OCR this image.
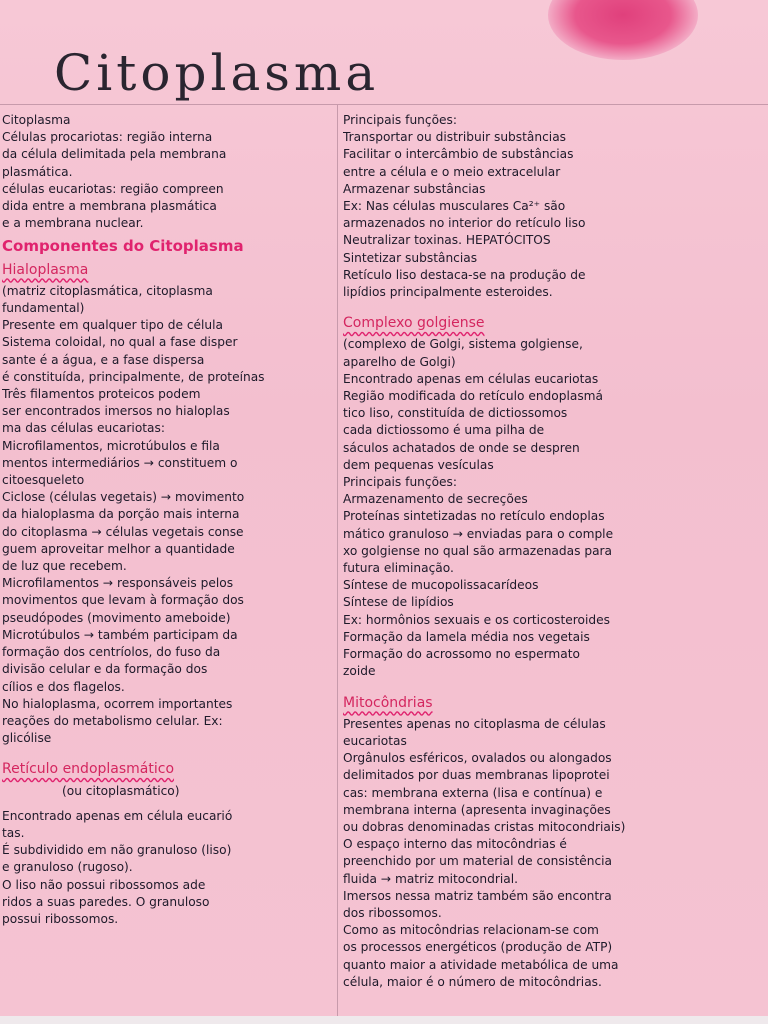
Citoplasma
Citoplasma
Células procariotas: região interna
da célula delimitada pela membrana
plasmática.
células eucariotas: região compreen
dida entre a membrana plasmática
e a membrana nuclear.
Componentes do Citoplasma
Hialoplasma
(matriz citoplasmática, citoplasma
fundamental)
Presente em qualquer tipo de célula
Sistema coloidal, no qual a fase disper
sante é a água, e a fase dispersa
é constituída, principalmente, de proteínas
Três filamentos proteicos podem
ser encontrados imersos no hialoplas
ma das células eucariotas:
Microfilamentos, microtúbulos e fila
mentos intermediários → constituem o
citoesqueleto
Ciclose (células vegetais) → movimento
da hialoplasma da porção mais interna
do citoplasma → células vegetais conse
guem aproveitar melhor a quantidade
de luz que recebem.
Microfilamentos → responsáveis pelos
movimentos que levam à formação dos
pseudópodes (movimento ameboide)
Microtúbulos → também participam da
formação dos centríolos, do fuso da
divisão celular e da formação dos
cílios e dos flagelos.
No hialoplasma, ocorrem importantes
reações do metabolismo celular. Ex:
glicólise
Retículo endoplasmático
(ou citoplasmático)
Encontrado apenas em célula eucarió
tas.
É subdividido em não granuloso (liso)
e granuloso (rugoso).
O liso não possui ribossomos ade
ridos a suas paredes. O granuloso
possui ribossomos.
Principais funções:
Transportar ou distribuir substâncias
Facilitar o intercâmbio de substâncias
entre a célula e o meio extracelular
Armazenar substâncias
Ex: Nas células musculares Ca²⁺ são
armazenados no interior do retículo liso
Neutralizar toxinas. HEPATÓCITOS
Sintetizar substâncias
Retículo liso destaca-se na produção de
lipídios principalmente esteroides.
Complexo golgiense
(complexo de Golgi, sistema golgiense,
aparelho de Golgi)
Encontrado apenas em células eucariotas
Região modificada do retículo endoplasmá
tico liso, constituída de dictiossomos
cada dictiossomo é uma pilha de
sáculos achatados de onde se despren
dem pequenas vesículas
Principais funções:
Armazenamento de secreções
Proteínas sintetizadas no retículo endoplas
mático granuloso → enviadas para o comple
xo golgiense no qual são armazenadas para
futura eliminação.
Síntese de mucopolissacarídeos
Síntese de lipídios
Ex: hormônios sexuais e os corticosteroides
Formação da lamela média nos vegetais
Formação do acrossomo no espermato
zoide
Mitocôndrias
Presentes apenas no citoplasma de células
eucariotas
Orgânulos esféricos, ovalados ou alongados
delimitados por duas membranas lipoprotei
cas: membrana externa (lisa e contínua) e
membrana interna (apresenta invaginações
ou dobras denominadas cristas mitocondriais)
O espaço interno das mitocôndrias é
preenchido por um material de consistência
fluida → matriz mitocondrial.
Imersos nessa matriz também são encontra
dos ribossomos.
Como as mitocôndrias relacionam-se com
os processos energéticos (produção de ATP)
quanto maior a atividade metabólica de uma
célula, maior é o número de mitocôndrias.
